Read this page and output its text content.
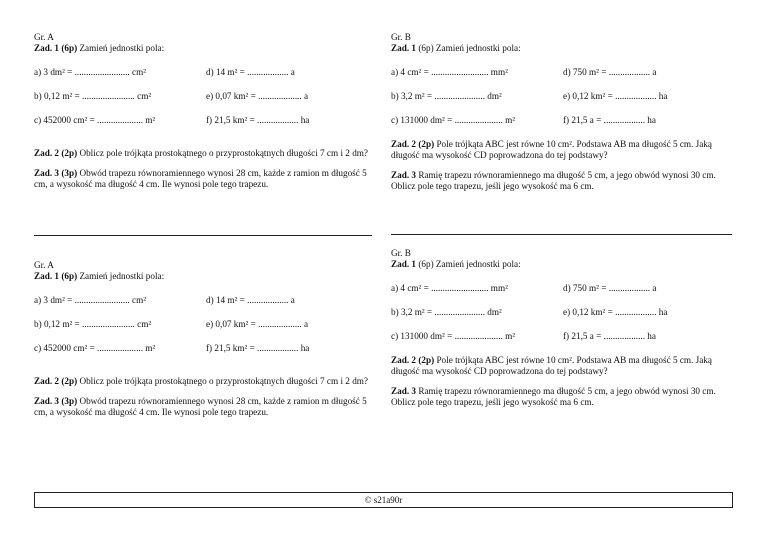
Gr. A
Zad. 1 (6p) Zamień jednostki pola:
a) 3 dm² = ........................ cm²	d) 14 m² = .................. a
b) 0,12 m² = ....................... cm²	e) 0,07 km² = ................... a
c) 452000 cm² = .................... m²	f) 21,5 km² = .................. ha
Zad. 2 (2p) Oblicz pole trójkąta prostokątnego o przyprostokątnych długości 7 cm i 2 dm?
Zad. 3 (3p) Obwód trapezu równoramiennego wynosi 28 cm, każde z ramion m długość 5 cm, a wysokość ma długość 4 cm. Ile wynosi pole tego trapezu.
Gr. B
Zad. 1 (6p) Zamień jednostki pola:
a) 4 cm² = ......................... mm²	d) 750 m² = .................. a
b) 3,2 m² = ...................... dm²	e) 0,12 km² = .................. ha
c) 131000 dm² = ..................... m²	f) 21,5 a = .................. ha
Zad. 2 (2p) Pole trójkąta ABC jest równe 10 cm². Podstawa AB ma długość 5 cm. Jaką długość ma wysokość CD poprowadzona do tej podstawy?
Zad. 3 Ramię trapezu równoramiennego ma długość 5 cm, a jego obwód wynosi 30 cm. Oblicz pole tego trapezu, jeśli jego wysokość ma 6 cm.
Gr. A
Zad. 1 (6p) Zamień jednostki pola:
a) 3 dm² = ........................ cm²	d) 14 m² = .................. a
b) 0,12 m² = ....................... cm²	e) 0,07 km² = ................... a
c) 452000 cm² = .................... m²	f) 21,5 km² = .................. ha
Zad. 2 (2p) Oblicz pole trójkąta prostokątnego o przyprostokątnych długości 7 cm i 2 dm?
Zad. 3 (3p) Obwód trapezu równoramiennego wynosi 28 cm, każde z ramion m długość 5 cm, a wysokość ma długość 4 cm. Ile wynosi pole tego trapezu.
Gr. B
Zad. 1 (6p) Zamień jednostki pola:
a) 4 cm² = ......................... mm²	d) 750 m² = .................. a
b) 3,2 m² = ...................... dm²	e) 0,12 km² = .................. ha
c) 131000 dm² = ..................... m²	f) 21,5 a = .................. ha
Zad. 2 (2p) Pole trójkąta ABC jest równe 10 cm². Podstawa AB ma długość 5 cm. Jaką długość ma wysokość CD poprowadzona do tej podstawy?
Zad. 3 Ramię trapezu równoramiennego ma długość 5 cm, a jego obwód wynosi 30 cm. Oblicz pole tego trapezu, jeśli jego wysokość ma 6 cm.
© s21a90r
